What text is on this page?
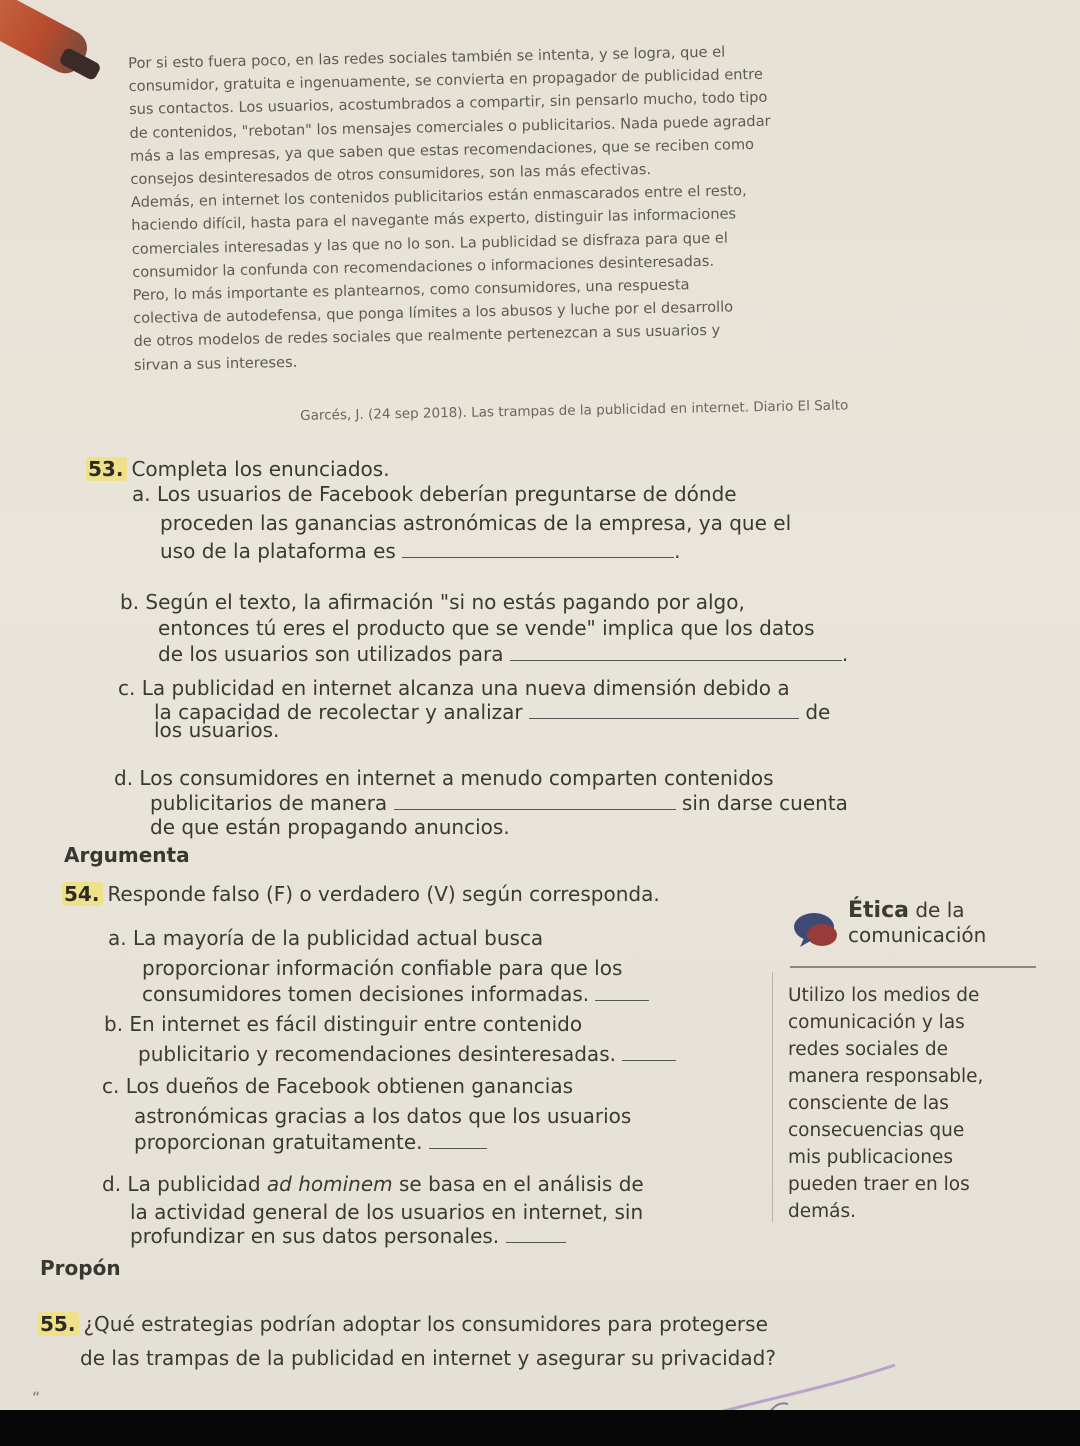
Por si esto fuera poco, en las redes sociales también se intenta, y se logra, que el

consumidor, gratuita e ingenuamente, se convierta en propagador de publicidad entre

sus contactos. Los usuarios, acostumbrados a compartir, sin pensarlo mucho, todo tipo

de contenidos, "rebotan" los mensajes comerciales o publicitarios. Nada puede agradar

más a las empresas, ya que saben que estas recomendaciones, que se reciben como

consejos desinteresados de otros consumidores, son las más efectivas.

Además, en internet los contenidos publicitarios están enmascarados entre el resto,

haciendo difícil, hasta para el navegante más experto, distinguir las informaciones

comerciales interesadas y las que no lo son. La publicidad se disfraza para que el

consumidor la confunda con recomendaciones o informaciones desinteresadas.

Pero, lo más importante es plantearnos, como consumidores, una respuesta

colectiva de autodefensa, que ponga límites a los abusos y luche por el desarrollo

de otros modelos de redes sociales que realmente pertenezcan a sus usuarios y

sirvan a sus intereses.

Garcés, J. (24 sep 2018). Las trampas de la publicidad en internet. Diario El Salto
53. Completa los enunciados.
a. Los usuarios de Facebook deberían preguntarse de dónde
proceden las ganancias astronómicas de la empresa, ya que el
uso de la plataforma es	.
b. Según el texto, la afirmación "si no estás pagando por algo,
entonces tú eres el producto que se vende" implica que los datos
de los usuarios son utilizados para	.
c. La publicidad en internet alcanza una nueva dimensión debido a
la capacidad de recolectar y analizar	de
los usuarios.
d. Los consumidores en internet a menudo comparten contenidos
publicitarios de manera	sin darse cuenta
de que están propagando anuncios.
Argumenta
54. Responde falso (F) o verdadero (V) según corresponda.
a. La mayoría de la publicidad actual busca
proporcionar información confiable para que los
consumidores tomen decisiones informadas.
b. En internet es fácil distinguir entre contenido
publicitario y recomendaciones desinteresadas.
c. Los dueños de Facebook obtienen ganancias
astronómicas gracias a los datos que los usuarios
proporcionan gratuitamente.
d. La publicidad ad hominem se basa en el análisis de
la actividad general de los usuarios en internet, sin
profundizar en sus datos personales.
Ética de la
comunicación
Utilizo los medios de
comunicación y las
redes sociales de
manera responsable,
consciente de las
consecuencias que
mis publicaciones
pueden traer en los
demás.
Propón
55. ¿Qué estrategias podrían adoptar los consumidores para protegerse
de las trampas de la publicidad en internet y asegurar su privacidad?
“
